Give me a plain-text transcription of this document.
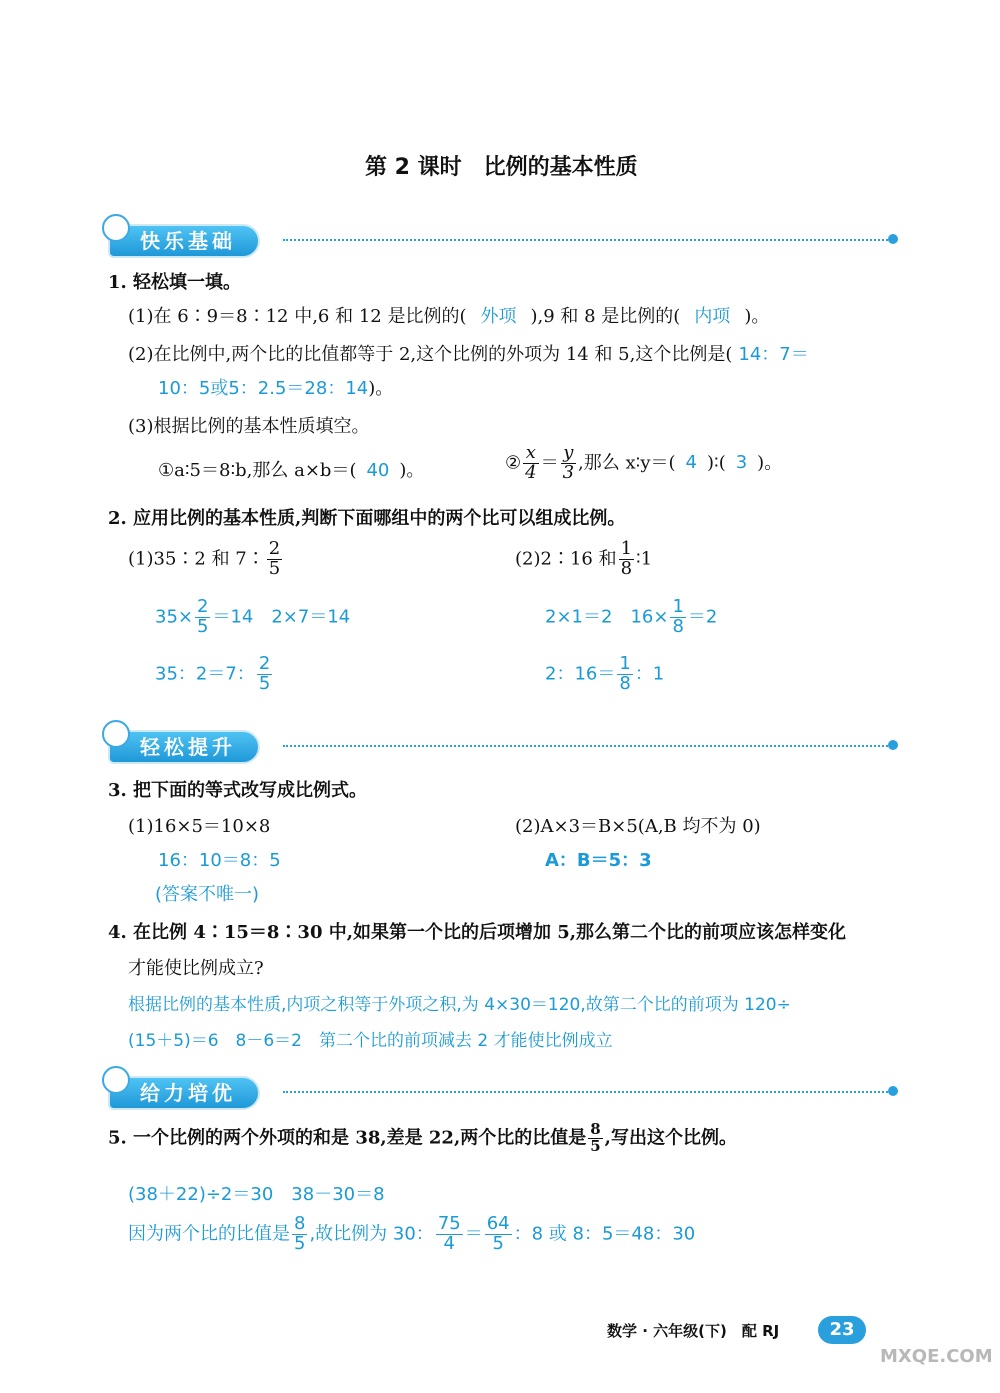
第 2 课时　比例的基本性质
快乐基础
1. 轻松填一填。
(1)在 6∶9＝8∶12 中,6 和 12 是比例的( 外项 ),9 和 8 是比例的( 内项 )。
(2)在比例中,两个比的比值都等于 2,这个比例的外项为 14 和 5,这个比例是( 14：7＝
10：5或5：2.5＝28：14)。
(3)根据比例的基本性质填空。
①a∶5＝8∶b,那么 a×b＝( 40 )。	② $\frac{x}{4} = \frac{y}{3}$ ,那么 x∶y＝( 4 )∶( 3 )。
2. 应用比例的基本性质,判断下面哪组中的两个比可以组成比例。
(1)35∶2 和 7∶ $\frac{2}{5}$	(2)2∶16 和 $\frac{1}{8}$ ∶1
$35\times \frac{2}{5} =14$　2×7＝14
35：2＝7： $\frac{2}{5}$
2×1＝2　$16\times \frac{1}{8} =2$
2：$16= \frac{1}{8}$ ：1
轻松提升
3. 把下面的等式改写成比例式。
(1)16×5＝10×8	(2)A×3＝B×5(A,B 均不为 0)
16：10＝8：5	A：B＝5：3
(答案不唯一)
4. 在比例 4∶15＝8∶30 中,如果第一个比的后项增加 5,那么第二个比的前项应该怎样变化
才能使比例成立?
根据比例的基本性质,内项之积等于外项之积,为 4×30＝120,故第二个比的前项为 120÷
(15＋5)＝6　8－6＝2　第二个比的前项减去 2 才能使比例成立
给力培优
5. 一个比例的两个外项的和是 38,差是 22,两个比的比值是 $\frac{8}{5}$ ,写出这个比例。
(38＋22)÷2＝30　38－30＝8
因为两个比的比值是 $\frac{8}{5}$ ,故比例为 30： $\frac{75}{4} = \frac{64}{5}$ ：8 或 8：5＝48：30
数学 · 六年级(下)　配 RJ	23
MXQE.COM
